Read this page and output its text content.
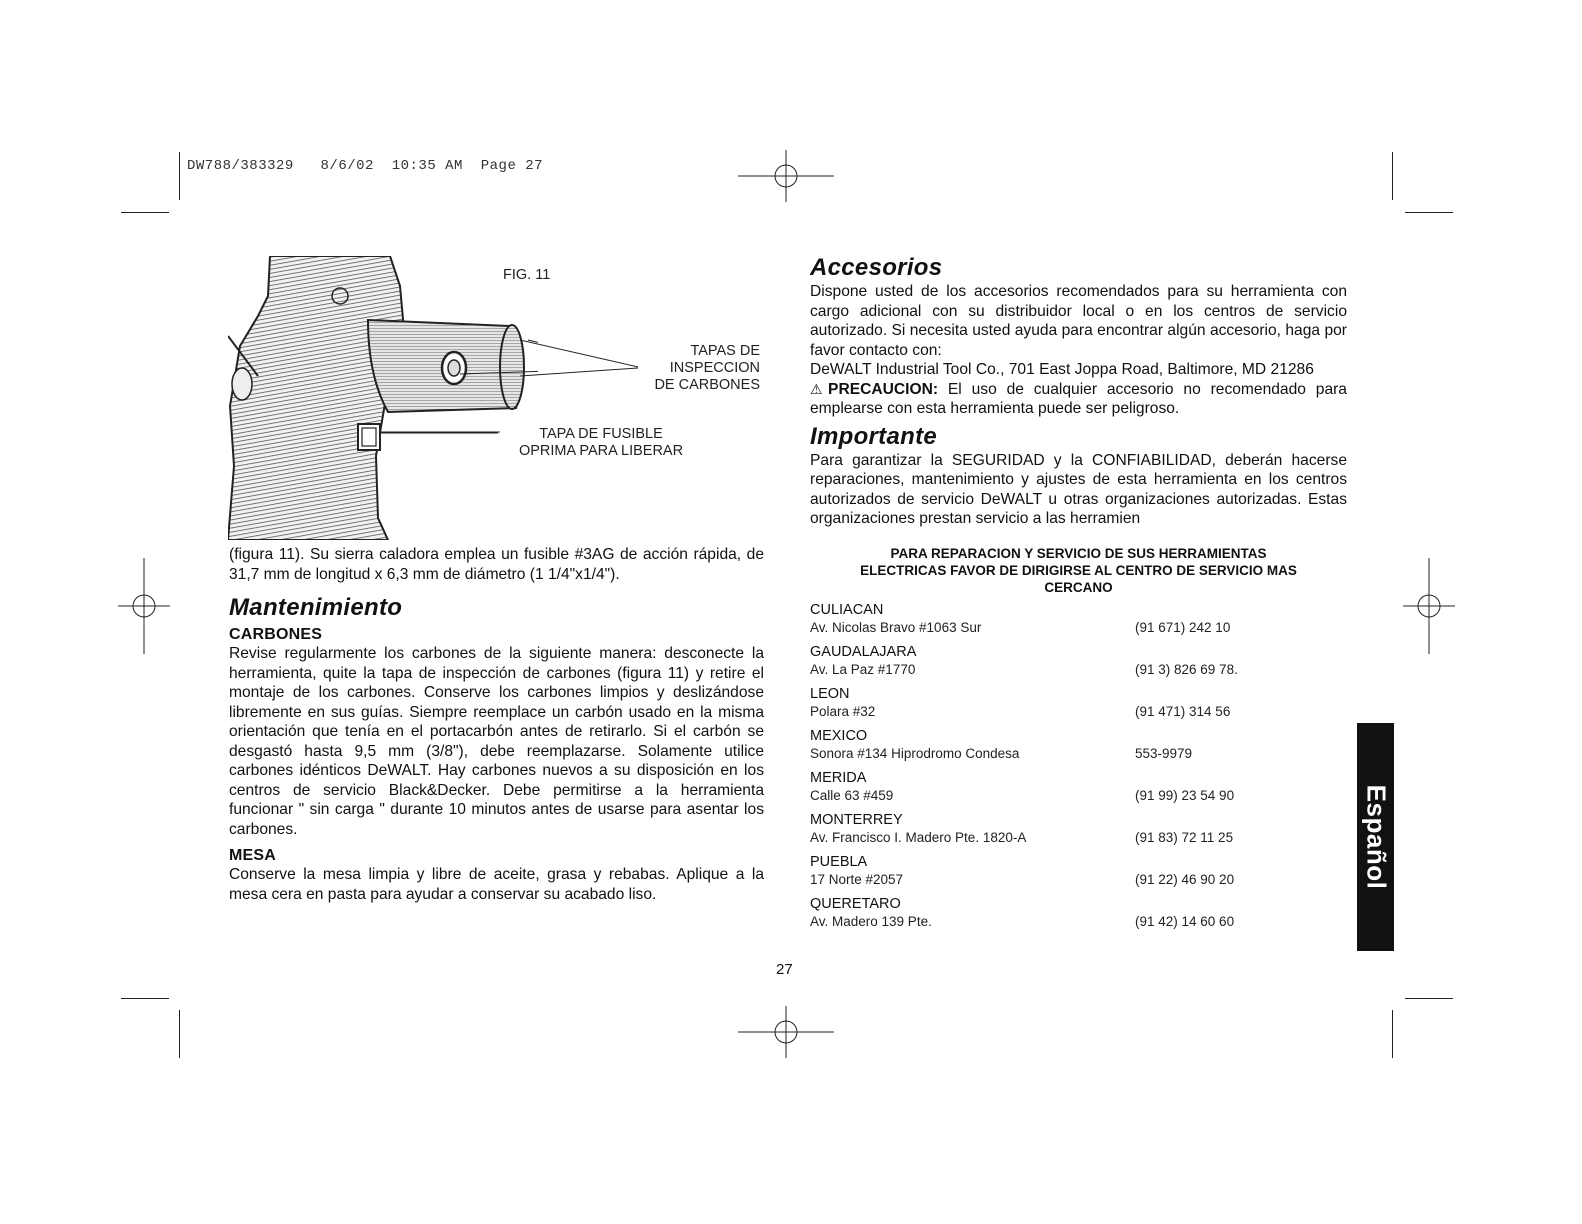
DW788/383329   8/6/02  10:35 AM  Page 27
FIG. 11
TAPAS DE
INSPECCION
DE CARBONES
TAPA DE FUSIBLE
OPRIMA PARA LIBERAR

(figura 11). Su sierra caladora emplea un fusible #3AG de acción rápida, de 31,7 mm de longitud x 6,3 mm de diámetro (1 1/4"x1/4").

Mantenimiento
CARBONES

Revise regularmente los carbones de la siguiente manera: desconecte la herramienta, quite la tapa de inspección de carbones (figura 11) y retire el montaje de los carbones. Conserve los carbones limpios y deslizándose libremente en sus guías. Siempre reemplace un carbón usado en la misma orientación que tenía en el portacarbón antes de retirarlo. Si el carbón se desgastó hasta 9,5 mm (3/8"), debe reemplazarse. Solamente utilice carbones idénticos DeWALT. Hay carbones nuevos a su disposición en los centros de servicio Black&Decker. Debe permitirse a la herramienta funcionar " sin carga " durante 10 minutos antes de usarse para asentar los carbones.

MESA

Conserve la mesa limpia y libre de aceite, grasa y rebabas. Aplique a la mesa cera en pasta para ayudar a conservar su acabado liso.

Accesorios

Dispone usted de los accesorios recomendados para su herramienta con cargo adicional con su distribuidor local o en los centros de servicio autorizado. Si necesita usted ayuda para encontrar algún accesorio, haga por favor contacto con:

DeWALT Industrial Tool Co., 701 East Joppa Road, Baltimore, MD 21286

⚠PRECAUCION: El uso de cualquier accesorio no recomendado para emplearse con esta herramienta puede ser peligroso.

Importante

Para garantizar la SEGURIDAD y la CONFIABILIDAD, deberán hacerse reparaciones, mantenimiento y ajustes de esta herramienta en los centros autorizados de servicio DeWALT u otras organizaciones autorizadas. Estas organizaciones prestan servicio a las herramien

PARA REPARACION Y SERVICIO DE SUS HERRAMIENTAS
ELECTRICAS FAVOR DE DIRIGIRSE AL CENTRO DE SERVICIO MAS
CERCANO
CULIACAN
Av. Nicolas Bravo #1063 Sur	(91 671) 242 10
GAUDALAJARA
Av. La Paz #1770	(91 3) 826 69 78.
LEON
Polara #32	(91 471) 314 56
MEXICO
Sonora #134 Hiprodromo Condesa	553-9979
MERIDA
Calle 63 #459	(91 99) 23 54 90
MONTERREY
Av. Francisco I. Madero Pte. 1820-A	(91 83) 72 11 25
PUEBLA
17 Norte #2057	(91 22) 46 90 20
QUERETARO
Av. Madero 139 Pte.	(91 42) 14 60 60
27
Español
